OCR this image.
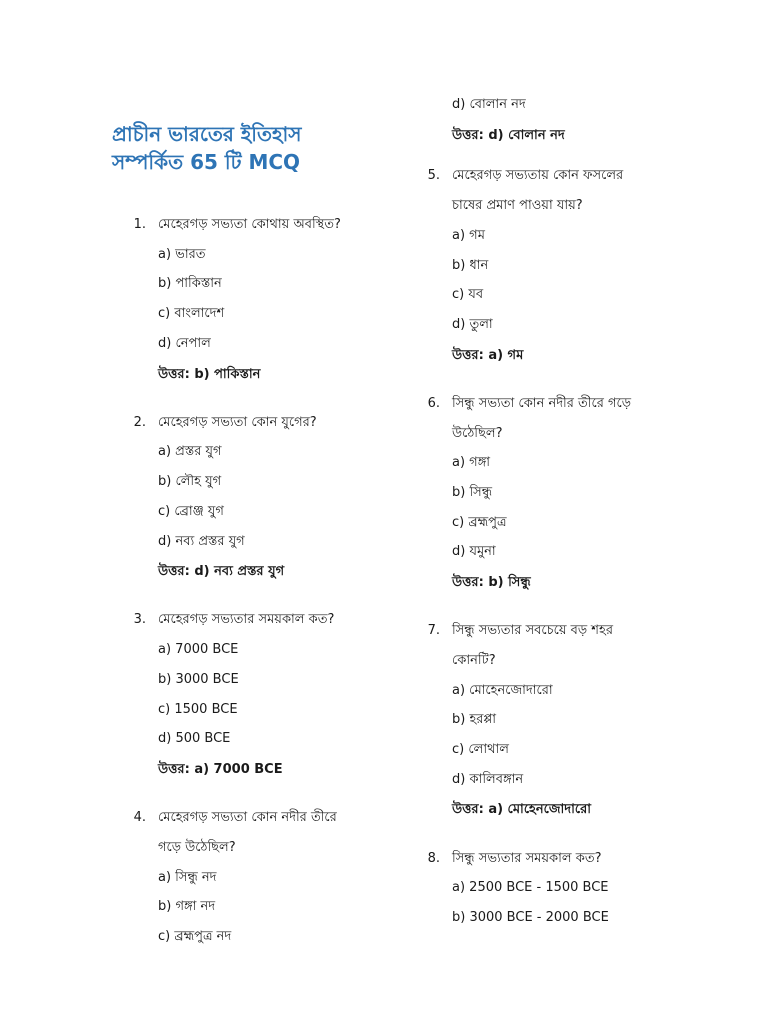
প্রাচীন ভারতের ইতিহাস সম্পর্কিত 65 টি MCQ
1. মেহেরগড় সভ্যতা কোথায় অবস্থিত?
a) ভারত
b) পাকিস্তান
c) বাংলাদেশ
d) নেপাল
উত্তর: b) পাকিস্তান
2. মেহেরগড় সভ্যতা কোন যুগের?
a) প্রস্তর যুগ
b) লৌহ যুগ
c) ব্রোঞ্জ যুগ
d) নব্য প্রস্তর যুগ
উত্তর: d) নব্য প্রস্তর যুগ
3. মেহেরগড় সভ্যতার সময়কাল কত?
a) 7000 BCE
b) 3000 BCE
c) 1500 BCE
d) 500 BCE
উত্তর: a) 7000 BCE
4. মেহেরগড় সভ্যতা কোন নদীর তীরে
গড়ে উঠেছিল?
a) সিন্ধু নদ
b) গঙ্গা নদ
c) ব্রহ্মপুত্র নদ
d) বোলান নদ
উত্তর: d) বোলান নদ
5. মেহেরগড় সভ্যতায় কোন ফসলের
চাষের প্রমাণ পাওয়া যায়?
a) গম
b) ধান
c) যব
d) তুলা
উত্তর: a) গম
6. সিন্ধু সভ্যতা কোন নদীর তীরে গড়ে
উঠেছিল?
a) গঙ্গা
b) সিন্ধু
c) ব্রহ্মপুত্র
d) যমুনা
উত্তর: b) সিন্ধু
7. সিন্ধু সভ্যতার সবচেয়ে বড় শহর
কোনটি?
a) মোহেনজোদারো
b) হরপ্পা
c) লোথাল
d) কালিবঙ্গান
উত্তর: a) মোহেনজোদারো
8. সিন্ধু সভ্যতার সময়কাল কত?
a) 2500 BCE - 1500 BCE
b) 3000 BCE - 2000 BCE
